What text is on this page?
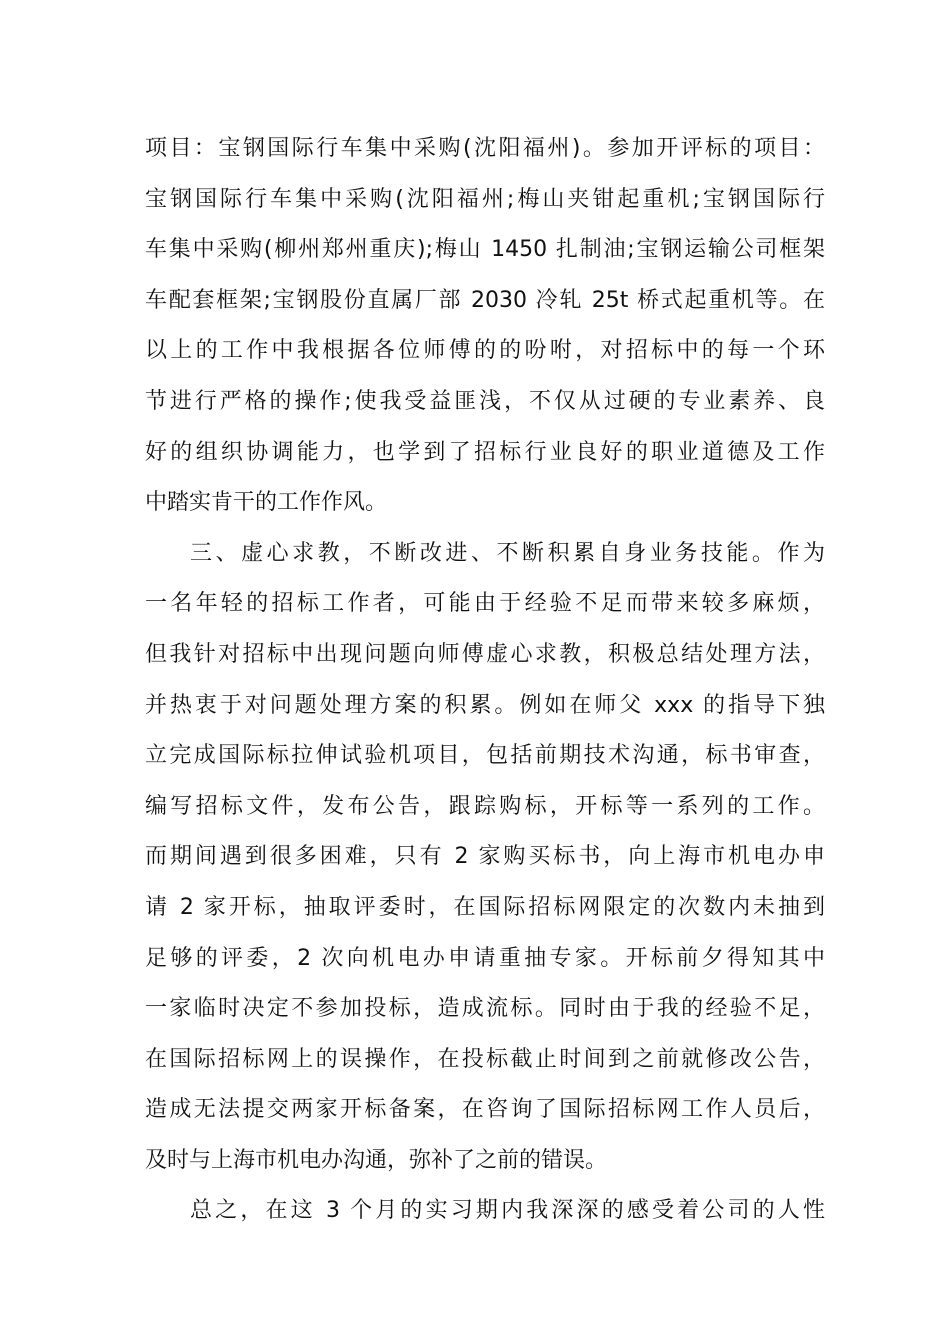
项目：宝钢国际行车集中采购(沈阳福州)。参加开评标的项目：
宝钢国际行车集中采购(沈阳福州;梅山夹钳起重机;宝钢国际行
车集中采购(柳州郑州重庆);梅山 1450 扎制油;宝钢运输公司框架
车配套框架;宝钢股份直属厂部 2030 冷轧 25t 桥式起重机等。在
以上的工作中我根据各位师傅的的吩咐，对招标中的每一个环
节进行严格的操作;使我受益匪浅，不仅从过硬的专业素养、良
好的组织协调能力，也学到了招标行业良好的职业道德及工作
中踏实肯干的工作作风。
三、虚心求教，不断改进、不断积累自身业务技能。作为
一名年轻的招标工作者，可能由于经验不足而带来较多麻烦，
但我针对招标中出现问题向师傅虚心求教，积极总结处理方法，
并热衷于对问题处理方案的积累。例如在师父 xxx 的指导下独
立完成国际标拉伸试验机项目，包括前期技术沟通，标书审查，
编写招标文件，发布公告，跟踪购标，开标等一系列的工作。
而期间遇到很多困难，只有 2 家购买标书，向上海市机电办申
请 2 家开标，抽取评委时，在国际招标网限定的次数内未抽到
足够的评委，2 次向机电办申请重抽专家。开标前夕得知其中
一家临时决定不参加投标，造成流标。同时由于我的经验不足，
在国际招标网上的误操作，在投标截止时间到之前就修改公告，
造成无法提交两家开标备案，在咨询了国际招标网工作人员后，
及时与上海市机电办沟通，弥补了之前的错误。
总之，在这 3 个月的实习期内我深深的感受着公司的人性
